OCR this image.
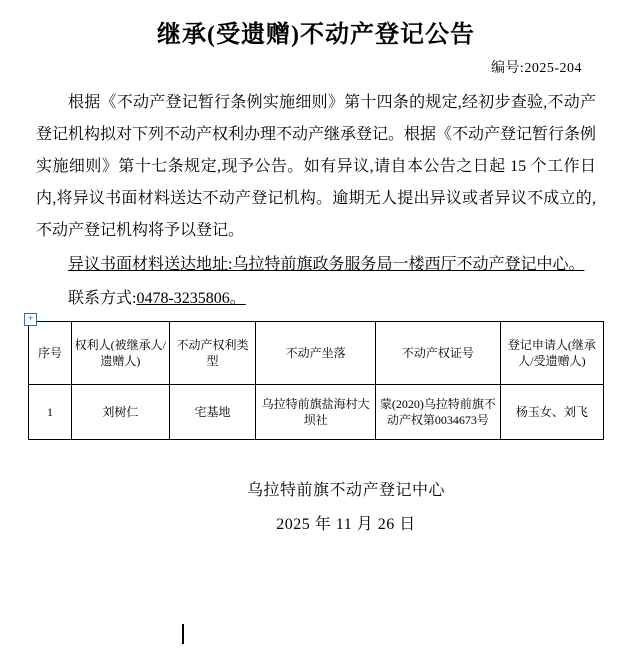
继承(受遗赠)不动产登记公告
编号:2025-204

根据《不动产登记暂行条例实施细则》第十四条的规定,经初步查验,不动产登记机构拟对下列不动产权利办理不动产继承登记。根据《不动产登记暂行条例实施细则》第十七条规定,现予公告。如有异议,请自本公告之日起 15 个工作日内,将异议书面材料送达不动产登记机构。逾期无人提出异议或者异议不成立的,不动产登记机构将予以登记。

异议书面材料送达地址:乌拉特前旗政务服务局一楼西厅不动产登记中心。

联系方式:0478-3235806。
+
序号	权利人(被继承人/遗赠人)	不动产权利类型	不动产坐落	不动产权证号	登记申请人(继承人/受遗赠人)
1	刘树仁	宅基地	乌拉特前旗盐海村大坝社	蒙(2020)乌拉特前旗不动产权第0034673号	杨玉女、刘飞
乌拉特前旗不动产登记中心
2025 年 11 月 26 日
